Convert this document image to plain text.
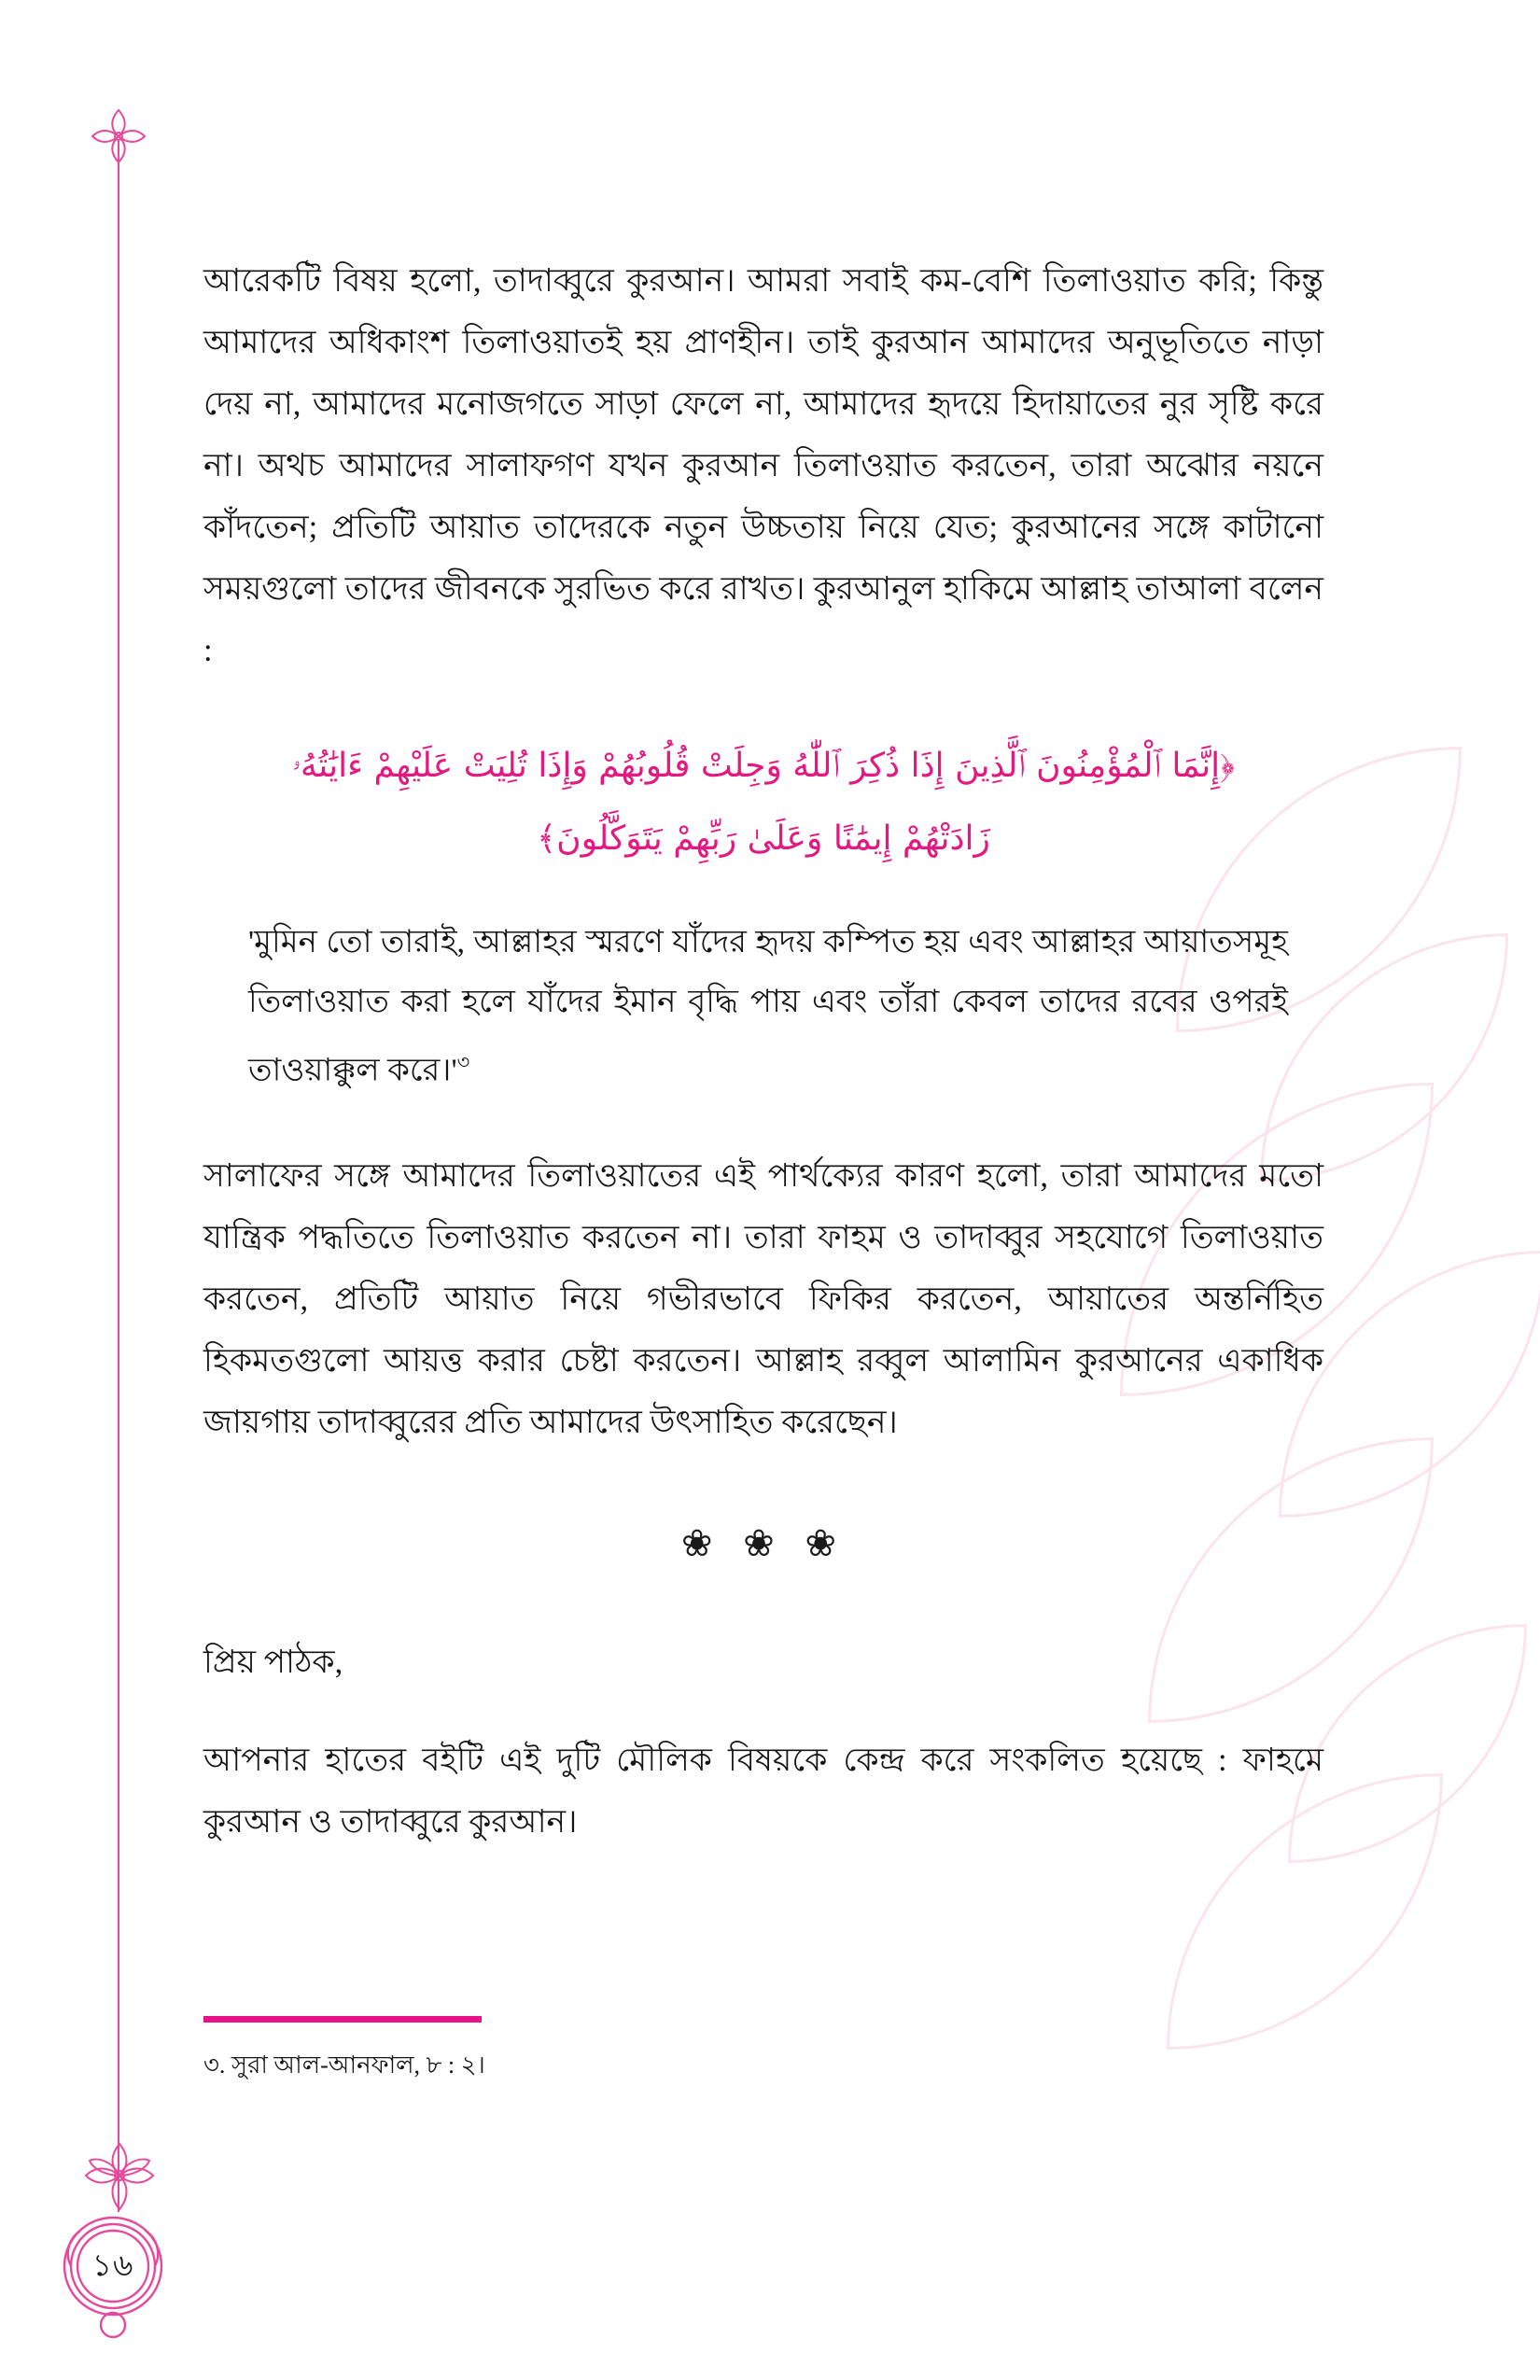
১৬

আরেকটি বিষয় হলো, তাদাব্বুরে কুরআন। আমরা সবাই কম-বেশি তিলাওয়াত করি; কিন্তু আমাদের অধিকাংশ তিলাওয়াতই হয় প্রাণহীন। তাই কুরআন আমাদের অনুভূতিতে নাড়া দেয় না, আমাদের মনোজগতে সাড়া ফেলে না, আমাদের হৃদয়ে হিদায়াতের নুর সৃষ্টি করে না। অথচ আমাদের সালাফগণ যখন কুরআন তিলাওয়াত করতেন, তারা অঝোর নয়নে কাঁদতেন; প্রতিটি আয়াত তাদেরকে নতুন উচ্চতায় নিয়ে যেত; কুরআনের সঙ্গে কাটানো সময়গুলো তাদের জীবনকে সুরভিত করে রাখত। কুরআনুল হাকিমে আল্লাহ তাআলা বলেন :

﴿إِنَّمَا ٱلْمُؤْمِنُونَ ٱلَّذِينَ إِذَا ذُكِرَ ٱللّٰهُ وَجِلَتْ قُلُوبُهُمْ وَإِذَا تُلِيَتْ عَلَيْهِمْ ءَايَٰتُهُۥ
زَادَتْهُمْ إِيمَٰنًا وَعَلَىٰ رَبِّهِمْ يَتَوَكَّلُونَ﴾

'মুমিন তো তারাই, আল্লাহর স্মরণে যাঁদের হৃদয় কম্পিত হয় এবং আল্লাহর আয়াতসমূহ তিলাওয়াত করা হলে যাঁদের ইমান বৃদ্ধি পায় এবং তাঁরা কেবল তাদের রবের ওপরই তাওয়াক্কুল করে।'$^৩$

সালাফের সঙ্গে আমাদের তিলাওয়াতের এই পার্থক্যের কারণ হলো, তারা আমাদের মতো যান্ত্রিক পদ্ধতিতে তিলাওয়াত করতেন না। তারা ফাহম ও তাদাব্বুর সহযোগে তিলাওয়াত করতেন, প্রতিটি আয়াত নিয়ে গভীরভাবে ফিকির করতেন, আয়াতের অন্তর্নিহিত হিকমতগুলো আয়ত্ত করার চেষ্টা করতেন। আল্লাহ রব্বুল আলামিন কুরআনের একাধিক জায়গায় তাদাব্বুরের প্রতি আমাদের উৎসাহিত করেছেন।

❀ ❀ ❀

প্রিয় পাঠক,

আপনার হাতের বইটি এই দুটি মৌলিক বিষয়কে কেন্দ্র করে সংকলিত হয়েছে : ফাহমে কুরআন ও তাদাব্বুরে কুরআন।

৩. সুরা আল-আনফাল, ৮ : ২।
